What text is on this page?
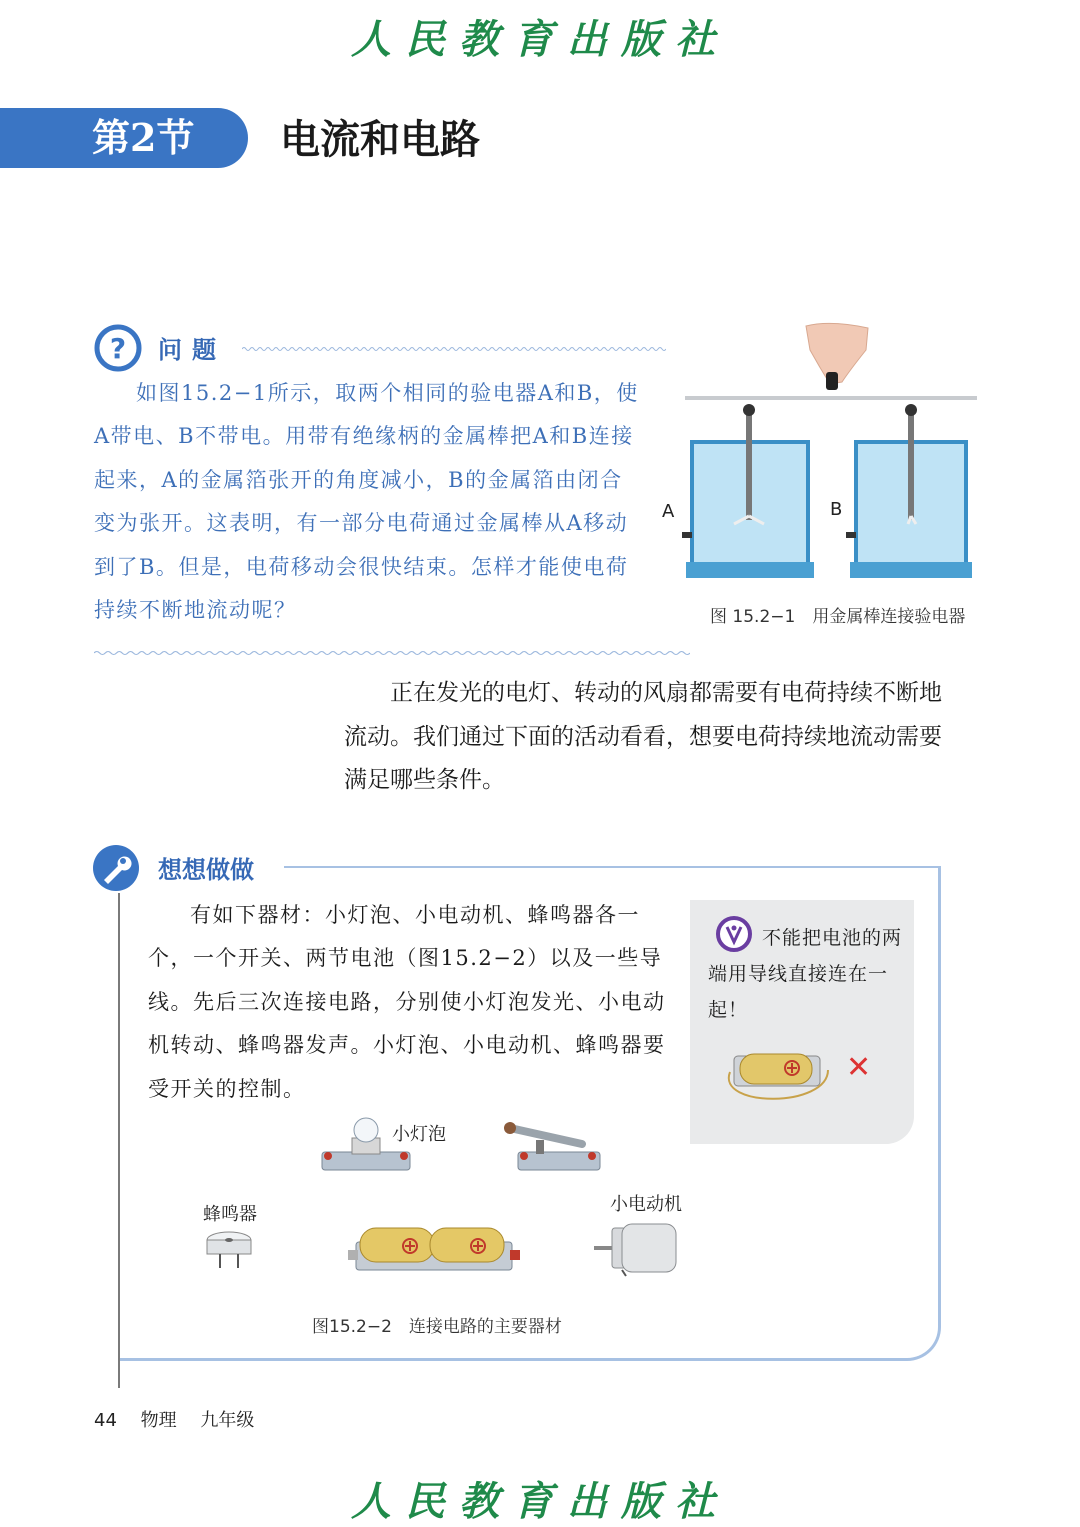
人民教育出版社
第2节	电流和电路
? 问题

如图15.2−1所示，取两个相同的验电器A和B，使A带电、B不带电。用带有绝缘柄的金属棒把A和B连接起来，A的金属箔张开的角度减小，B的金属箔由闭合变为张开。这表明，有一部分电荷通过金属棒从A移动到了B。但是，电荷移动会很快结束。怎样才能使电荷持续不断地流动呢？

A	B
图 15.2−1　用金属棒连接验电器

正在发光的电灯、转动的风扇都需要有电荷持续不断地流动。我们通过下面的活动看看，想要电荷持续地流动需要满足哪些条件。

想想做做

有如下器材：小灯泡、小电动机、蜂鸣器各一个，一个开关、两节电池（图15.2−2）以及一些导线。先后三次连接电路，分别使小灯泡发光、小电动机转动、蜂鸣器发声。小灯泡、小电动机、蜂鸣器要受开关的控制。

不能把电池的两端用导线直接连在一起！

✕
小灯泡
蜂鸣器	小电动机
图15.2−2　连接电路的主要器材
44 物理 九年级
人民教育出版社
